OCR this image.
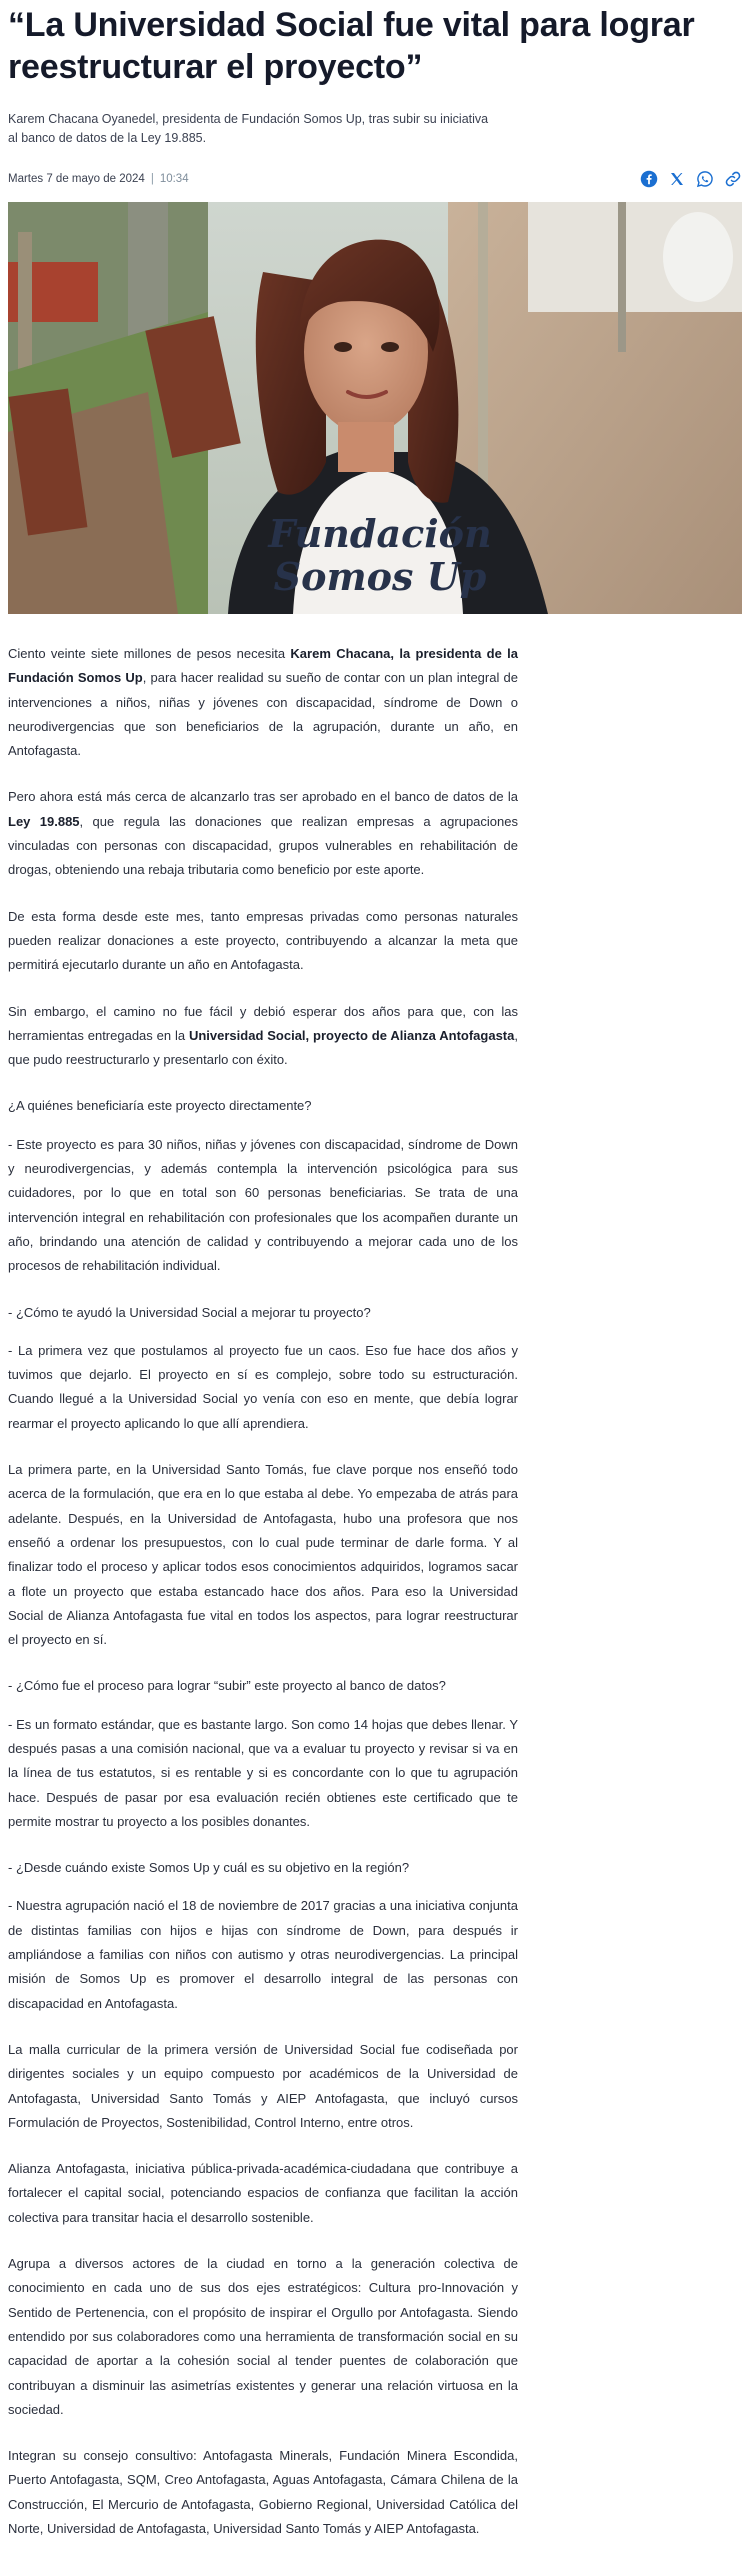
“La Universidad Social fue vital para lograr reestructurar el proyecto”

Karem Chacana Oyanedel, presidenta de Fundación Somos Up, tras subir su iniciativa al banco de datos de la Ley 19.885.

Martes 7 de mayo de 2024 | 10:34
Fundación
Somos Up

Ciento veinte siete millones de pesos necesita Karem Chacana, la presidenta de la Fundación Somos Up, para hacer realidad su sueño de contar con un plan integral de intervenciones a niños, niñas y jóvenes con discapacidad, síndrome de Down o neurodivergencias que son beneficiarios de la agrupación, durante un año, en Antofagasta.

Pero ahora está más cerca de alcanzarlo tras ser aprobado en el banco de datos de la Ley 19.885, que regula las donaciones que realizan empresas a agrupaciones vinculadas con personas con discapacidad, grupos vulnerables en rehabilitación de drogas, obteniendo una rebaja tributaria como beneficio por este aporte.

De esta forma desde este mes, tanto empresas privadas como personas naturales pueden realizar donaciones a este proyecto, contribuyendo a alcanzar la meta que permitirá ejecutarlo durante un año en Antofagasta.

Sin embargo, el camino no fue fácil y debió esperar dos años para que, con las herramientas entregadas en la Universidad Social, proyecto de Alianza Antofagasta, que pudo reestructurarlo y presentarlo con éxito.

¿A quiénes beneficiaría este proyecto directamente?

- Este proyecto es para 30 niños, niñas y jóvenes con discapacidad, síndrome de Down y neurodivergencias, y además contempla la intervención psicológica para sus cuidadores, por lo que en total son 60 personas beneficiarias. Se trata de una intervención integral en rehabilitación con profesionales que los acompañen durante un año, brindando una atención de calidad y contribuyendo a mejorar cada uno de los procesos de rehabilitación individual.

- ¿Cómo te ayudó la Universidad Social a mejorar tu proyecto?

- La primera vez que postulamos al proyecto fue un caos. Eso fue hace dos años y tuvimos que dejarlo. El proyecto en sí es complejo, sobre todo su estructuración. Cuando llegué a la Universidad Social yo venía con eso en mente, que debía lograr rearmar el proyecto aplicando lo que allí aprendiera.

La primera parte, en la Universidad Santo Tomás, fue clave porque nos enseñó todo acerca de la formulación, que era en lo que estaba al debe. Yo empezaba de atrás para adelante. Después, en la Universidad de Antofagasta, hubo una profesora que nos enseñó a ordenar los presupuestos, con lo cual pude terminar de darle forma. Y al finalizar todo el proceso y aplicar todos esos conocimientos adquiridos, logramos sacar a flote un proyecto que estaba estancado hace dos años. Para eso la Universidad Social de Alianza Antofagasta fue vital en todos los aspectos, para lograr reestructurar el proyecto en sí.

- ¿Cómo fue el proceso para lograr “subir” este proyecto al banco de datos?

- Es un formato estándar, que es bastante largo. Son como 14 hojas que debes llenar. Y después pasas a una comisión nacional, que va a evaluar tu proyecto y revisar si va en la línea de tus estatutos, si es rentable y si es concordante con lo que tu agrupación hace. Después de pasar por esa evaluación recién obtienes este certificado que te permite mostrar tu proyecto a los posibles donantes.

- ¿Desde cuándo existe Somos Up y cuál es su objetivo en la región?

- Nuestra agrupación nació el 18 de noviembre de 2017 gracias a una iniciativa conjunta de distintas familias con hijos e hijas con síndrome de Down, para después ir ampliándose a familias con niños con autismo y otras neurodivergencias. La principal misión de Somos Up es promover el desarrollo integral de las personas con discapacidad en Antofagasta.

La malla curricular de la primera versión de Universidad Social fue codiseñada por dirigentes sociales y un equipo compuesto por académicos de la Universidad de Antofagasta, Universidad Santo Tomás y AIEP Antofagasta, que incluyó cursos Formulación de Proyectos, Sostenibilidad, Control Interno, entre otros.

Alianza Antofagasta, iniciativa pública-privada-académica-ciudadana que contribuye a fortalecer el capital social, potenciando espacios de confianza que facilitan la acción colectiva para transitar hacia el desarrollo sostenible.

Agrupa a diversos actores de la ciudad en torno a la generación colectiva de conocimiento en cada uno de sus dos ejes estratégicos: Cultura pro-Innovación y Sentido de Pertenencia, con el propósito de inspirar el Orgullo por Antofagasta. Siendo entendido por sus colaboradores como una herramienta de transformación social en su capacidad de aportar a la cohesión social al tender puentes de colaboración que contribuyan a disminuir las asimetrías existentes y generar una relación virtuosa en la sociedad.

Integran su consejo consultivo: Antofagasta Minerals, Fundación Minera Escondida, Puerto Antofagasta, SQM, Creo Antofagasta, Aguas Antofagasta, Cámara Chilena de la Construcción, El Mercurio de Antofagasta, Gobierno Regional, Universidad Católica del Norte, Universidad de Antofagasta, Universidad Santo Tomás y AIEP Antofagasta.
